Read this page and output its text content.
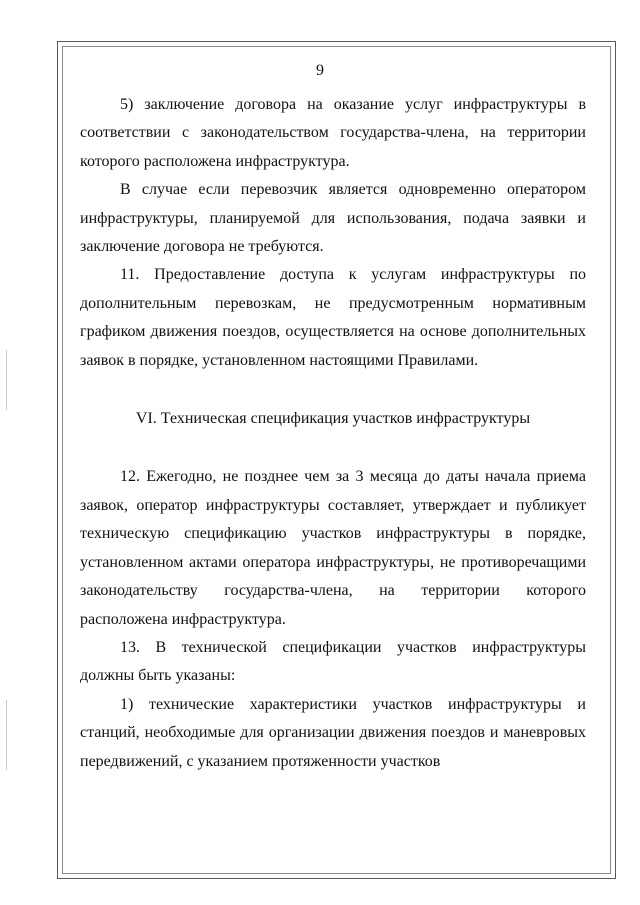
9

5) заключение договора на оказание услуг инфраструктуры в соответствии с законодательством государства-члена, на территории которого расположена инфраструктура.

В случае если перевозчик является одновременно оператором инфраструктуры, планируемой для использования, подача заявки и заключение договора не требуются.

11. Предоставление доступа к услугам инфраструктуры по дополнительным перевозкам, не предусмотренным нормативным графиком движения поездов, осуществляется на основе дополнительных заявок в порядке, установленном настоящими Правилами.

VI. Техническая спецификация участков инфраструктуры

12. Ежегодно, не позднее чем за 3 месяца до даты начала приема заявок, оператор инфраструктуры составляет, утверждает и публикует техническую спецификацию участков инфраструктуры в порядке, установленном актами оператора инфраструктуры, не противоречащими законодательству государства-члена, на территории которого расположена инфраструктура.

13. В технической спецификации участков инфраструктуры должны быть указаны:

1) технические характеристики участков инфраструктуры и станций, необходимые для организации движения поездов и маневровых передвижений, с указанием протяженности участков
